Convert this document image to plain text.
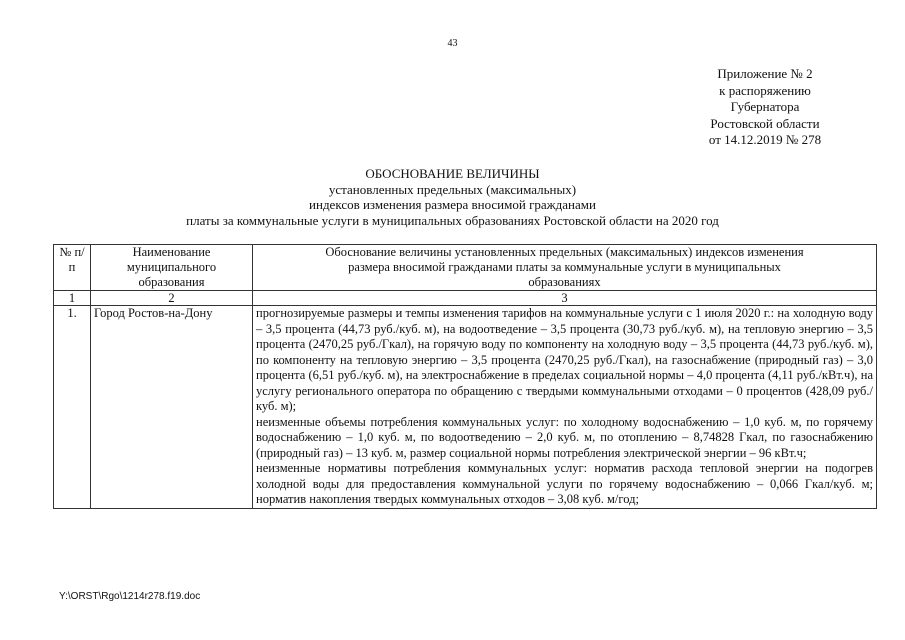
43
Приложение № 2
к распоряжению
Губернатора
Ростовской области
от 14.12.2019 № 278
ОБОСНОВАНИЕ ВЕЛИЧИНЫ
установленных предельных (максимальных)
индексов изменения размера вносимой гражданами
платы за коммунальные услуги в муниципальных образованиях Ростовской области на 2020 год
№ п/п	Наименование муниципального образования	Обоснование величины установленных предельных (максимальных) индексов изменения размера вносимой гражданами платы за коммунальные услуги в муниципальных образованиях
1	2	3
1.	Город Ростов-на-Дону	прогнозируемые размеры и темпы изменения тарифов на коммунальные услуги с 1 июля 2020 г.: на холодную воду – 3,5 процента (44,73 руб./куб. м), на водоотведение – 3,5 процента (30,73 руб./куб. м), на тепловую энергию – 3,5 процента (2470,25 руб./Гкал), на горячую воду по компоненту на холодную воду – 3,5 процента (44,73 руб./куб. м), по компоненту на тепловую энергию – 3,5 процента (2470,25 руб./Гкал), на газоснабжение (природный газ) – 3,0 процента (6,51 руб./куб. м), на электроснабжение в пределах социальной нормы – 4,0 процента (4,11 руб./кВт.ч), на услугу регионального оператора по обращению с твердыми коммунальными отходами – 0 процентов (428,09 руб./куб. м);

неизменные объемы потребления коммунальных услуг: по холодному водоснабжению – 1,0 куб. м, по горячему водоснабжению – 1,0 куб. м, по водоотведению – 2,0 куб. м, по отоплению – 8,74828 Гкал, по газоснабжению (природный газ) – 13 куб. м, размер социальной нормы потребления электрической энергии – 96 кВт.ч;

неизменные нормативы потребления коммунальных услуг: норматив расхода тепловой энергии на подогрев холодной воды для предоставления коммунальной услуги по горячему водоснабжению – 0,066 Гкал/куб. м; норматив накопления твердых коммунальных отходов – 3,08 куб. м/год;

Y:\ORST\Rgo\1214r278.f19.doc
